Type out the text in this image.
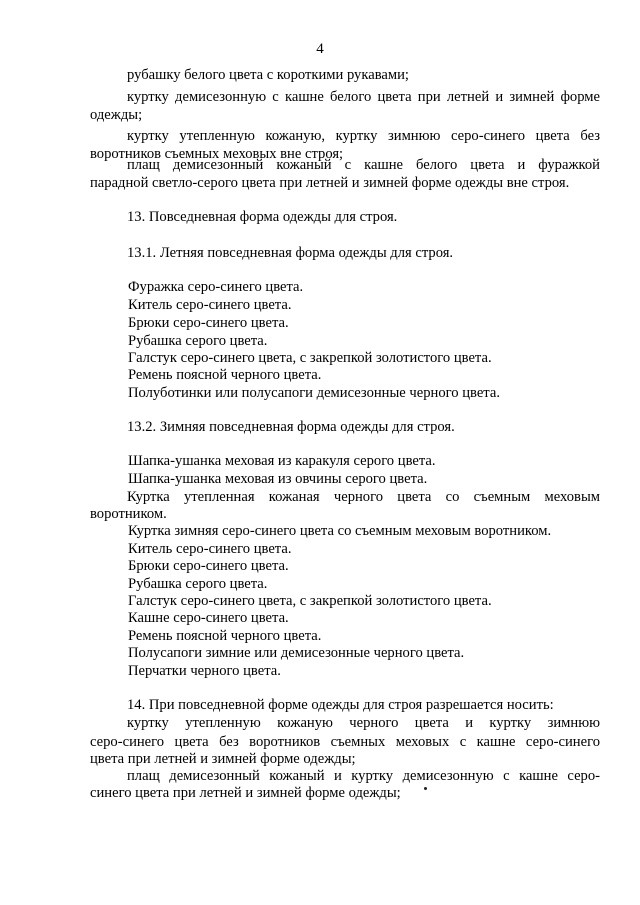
4
рубашку белого цвета с короткими рукавами;
куртку демисезонную с кашне белого цвета при летней и зимней форме
одежды;
куртку утепленную кожаную, куртку зимнюю серо-синего цвета без
воротников съемных меховых вне строя;
плащ демисезонный кожаный с кашне белого цвета и фуражкой
парадной светло-серого цвета при летней и зимней форме одежды вне строя.
13. Повседневная форма одежды для строя.
13.1. Летняя повседневная форма одежды для строя.
Фуражка серо-синего цвета.
Китель серо-синего цвета.
Брюки серо-синего цвета.
Рубашка серого цвета.
Галстук серо-синего цвета, с закрепкой золотистого цвета.
Ремень поясной черного цвета.
Полуботинки или полусапоги демисезонные черного цвета.
13.2. Зимняя повседневная форма одежды для строя.
Шапка-ушанка меховая из каракуля серого цвета.
Шапка-ушанка меховая из овчины серого цвета.
Куртка утепленная кожаная черного цвета со съемным меховым
воротником.
Куртка зимняя серо-синего цвета со съемным меховым воротником.
Китель серо-синего цвета.
Брюки серо-синего цвета.
Рубашка серого цвета.
Галстук серо-синего цвета, с закрепкой золотистого цвета.
Кашне серо-синего цвета.
Ремень поясной черного цвета.
Полусапоги зимние или демисезонные черного цвета.
Перчатки черного цвета.
14. При повседневной форме одежды для строя разрешается носить:
куртку утепленную кожаную черного цвета и куртку зимнюю
серо-синего цвета без воротников съемных меховых с кашне серо-синего
цвета при летней и зимней форме одежды;
плащ демисезонный кожаный и куртку демисезонную с кашне серо-
синего цвета при летней и зимней форме одежды;
